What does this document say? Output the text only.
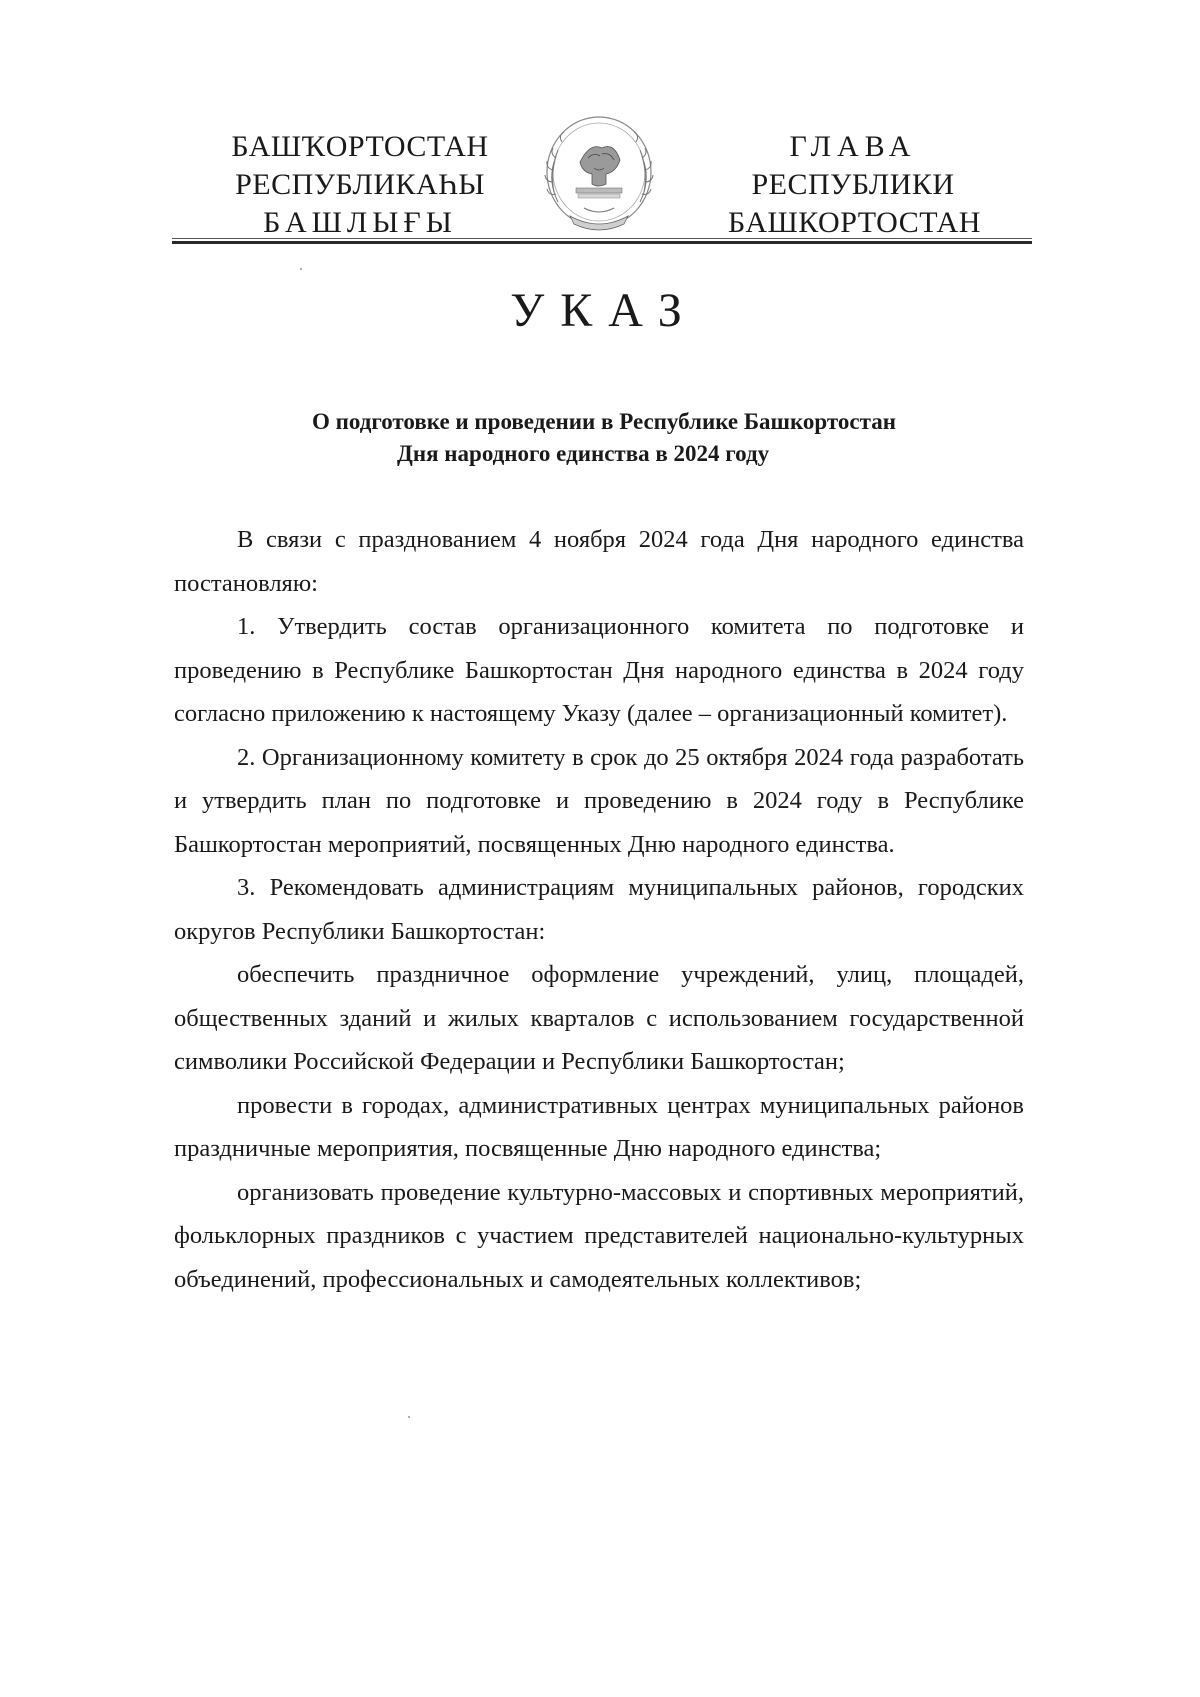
БАШҠОРТОСТАН
РЕСПУБЛИКАҺЫ
БАШЛЫҒЫ
ГЛАВА
РЕСПУБЛИКИ
БАШКОРТОСТАН
УКАЗ
О подготовке и проведении в Республике Башкортостан
Дня народного единства в 2024 году

В связи с празднованием 4 ноября 2024 года Дня народного единства постановляю:

1. Утвердить состав организационного комитета по подготовке и проведению в Республике Башкортостан Дня народного единства в 2024 году согласно приложению к настоящему Указу (далее – организационный комитет).

2. Организационному комитету в срок до 25 октября 2024 года разработать и утвердить план по подготовке и проведению в 2024 году в Республике Башкортостан мероприятий, посвященных Дню народного единства.

3. Рекомендовать администрациям муниципальных районов, городских округов Республики Башкортостан:

обеспечить праздничное оформление учреждений, улиц, площадей, общественных зданий и жилых кварталов с использованием государственной символики Российской Федерации и Республики Башкортостан;

провести в городах, административных центрах муниципальных районов праздничные мероприятия, посвященные Дню народного единства;

организовать проведение культурно-массовых и спортивных мероприятий, фольклорных праздников с участием представителей национально-культурных объединений, профессиональных и самодеятельных коллективов;
